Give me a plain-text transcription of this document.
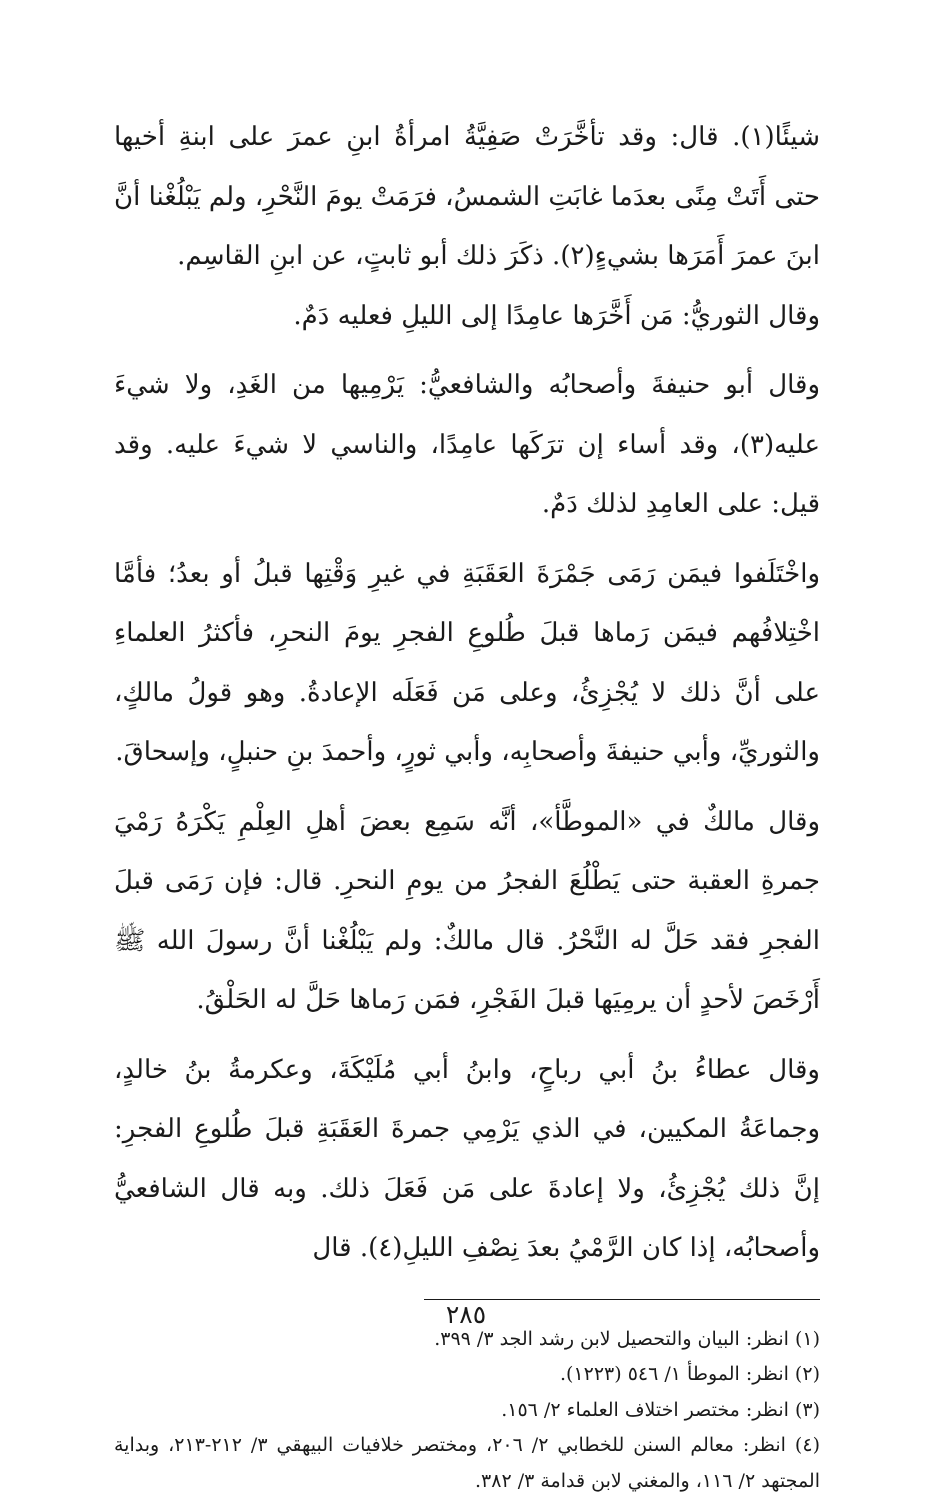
شيئًا(١). قال: وقد تأخَّرَتْ صَفِيَّةُ امرأةُ ابنِ عمرَ على ابنةِ أخيها حتى أَتَتْ مِنًى بعدَما غابَتِ الشمسُ، فرَمَتْ يومَ النَّحْرِ، ولم يَبْلُغْنا أنَّ ابنَ عمرَ أَمَرَها بشيءٍ(٢). ذكَرَ ذلك أبو ثابتٍ، عن ابنِ القاسِم.

وقال الثوريُّ: مَن أَخَّرَها عامِدًا إلى الليلِ فعليه دَمٌ.

وقال أبو حنيفةَ وأصحابُه والشافعيُّ: يَرْمِيها من الغَدِ، ولا شيءَ عليه(٣)، وقد أساء إن ترَكَها عامِدًا، والناسي لا شيءَ عليه. وقد قيل: على العامِدِ لذلك دَمٌ.

واخْتَلَفوا فيمَن رَمَى جَمْرَةَ العَقَبَةِ في غيرِ وَقْتِها قبلُ أو بعدُ؛ فأمَّا اخْتِلافُهم فيمَن رَماها قبلَ طُلوعِ الفجرِ يومَ النحرِ، فأكثرُ العلماءِ على أنَّ ذلك لا يُجْزِئُ، وعلى مَن فَعَلَه الإعادةُ. وهو قولُ مالكٍ، والثوريِّ، وأبي حنيفةَ وأصحابِه، وأبي ثورٍ، وأحمدَ بنِ حنبلٍ، وإسحاقَ.

وقال مالكٌ في «الموطَّأ»، أنَّه سَمِع بعضَ أهلِ العِلْمِ يَكْرَهُ رَمْيَ جمرةِ العقبة حتى يَطْلُعَ الفجرُ من يومِ النحرِ. قال: فإن رَمَى قبلَ الفجرِ فقد حَلَّ له النَّحْرُ. قال مالكٌ: ولم يَبْلُغْنا أنَّ رسولَ الله ﷺ أَرْخَصَ لأحدٍ أن يرمِيَها قبلَ الفَجْرِ، فمَن رَماها حَلَّ له الحَلْقُ.

وقال عطاءُ بنُ أبي رباحٍ، وابنُ أبي مُلَيْكَةَ، وعكرمةُ بنُ خالدٍ، وجماعَةُ المكيين، في الذي يَرْمِي جمرةَ العَقَبَةِ قبلَ طُلوعِ الفجرِ: إنَّ ذلك يُجْزِئُ، ولا إعادةَ على مَن فَعَلَ ذلك. وبه قال الشافعيُّ وأصحابُه، إذا كان الرَّمْيُ بعدَ نِصْفِ الليلِ(٤). قال

(١) انظر: البيان والتحصيل لابن رشد الجد ٣/ ٣٩٩.

(٢) انظر: الموطأ ١/ ٥٤٦ (١٢٢٣).

(٣) انظر: مختصر اختلاف العلماء ٢/ ١٥٦.

(٤) انظر: معالم السنن للخطابي ٢/ ٢٠٦، ومختصر خلافيات البيهقي ٣/ ٢١٢-٢١٣، وبداية المجتهد ٢/ ١١٦، والمغني لابن قدامة ٣/ ٣٨٢.

٢٨٥
